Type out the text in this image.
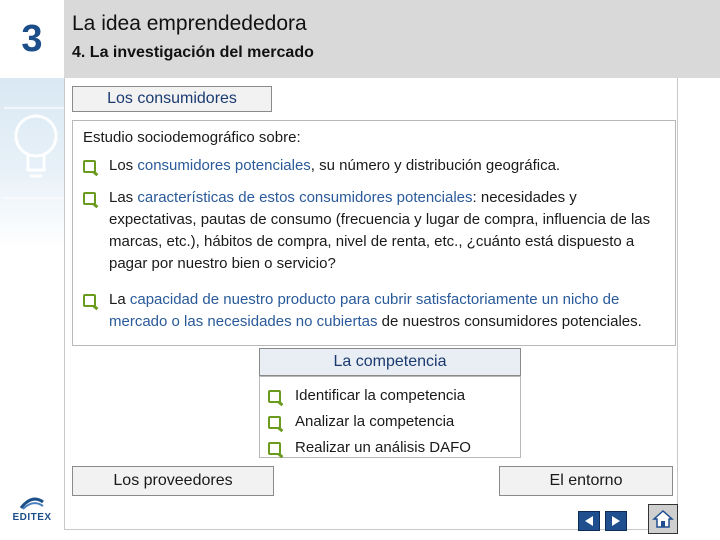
3	La idea emprendededora
4. La investigación del mercado
Los consumidores

Estudio sociodemográfico sobre:

Los consumidores potenciales, su número y distribución geográfica.
Las características de estos consumidores potenciales: necesidades y expectativas, pautas de consumo (frecuencia y lugar de compra, influencia de las marcas, etc.), hábitos de compra, nivel de renta, etc., ¿cuánto está dispuesto a pagar por nuestro bien o servicio?
La capacidad de nuestro producto para cubrir satisfactoriamente un nicho de mercado o las necesidades no cubiertas de nuestros consumidores potenciales.
La competencia
Identificar la competencia
Analizar la competencia
Realizar un análisis DAFO
Los proveedores	El entorno
EDITEX
